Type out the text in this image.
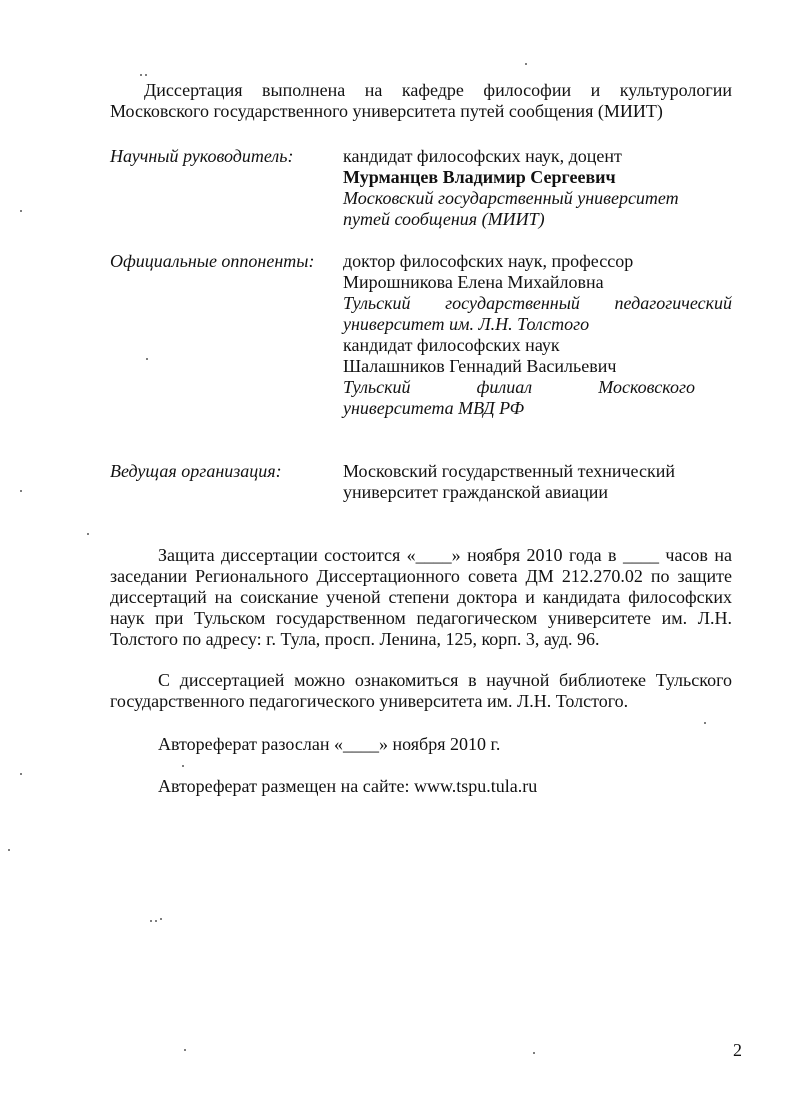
Диссертация выполнена на кафедре философии и культурологии Московского государственного университета путей сообщения (МИИТ)
Научный руководитель:	кандидат философских наук, доцент
Мурманцев Владимир Сергеевич
Московский государственный университет
путей сообщения (МИИТ)
Официальные оппоненты:	доктор философских наук, профессор
Мирошникова Елена Михайловна
Тульский государственный педагогический
университет им. Л.Н. Толстого
кандидат философских наук
Шалашников Геннадий Васильевич
Тульский филиал Московского
университета МВД РФ
Ведущая организация:	Московский государственный технический
университет гражданской авиации
Защита диссертации состоится «____» ноября 2010 года в ____ часов на заседании Регионального Диссертационного совета ДМ 212.270.02 по защите диссертаций на соискание ученой степени доктора и кандидата философских наук при Тульском государственном педагогическом университете им. Л.Н. Толстого по адресу: г. Тула, просп. Ленина, 125, корп. 3, ауд. 96.
С диссертацией можно ознакомиться в научной библиотеке Тульского государственного педагогического университета им. Л.Н. Толстого.
Автореферат разослан «____» ноября 2010 г.
Автореферат размещен на сайте: www.tspu.tula.ru
2
